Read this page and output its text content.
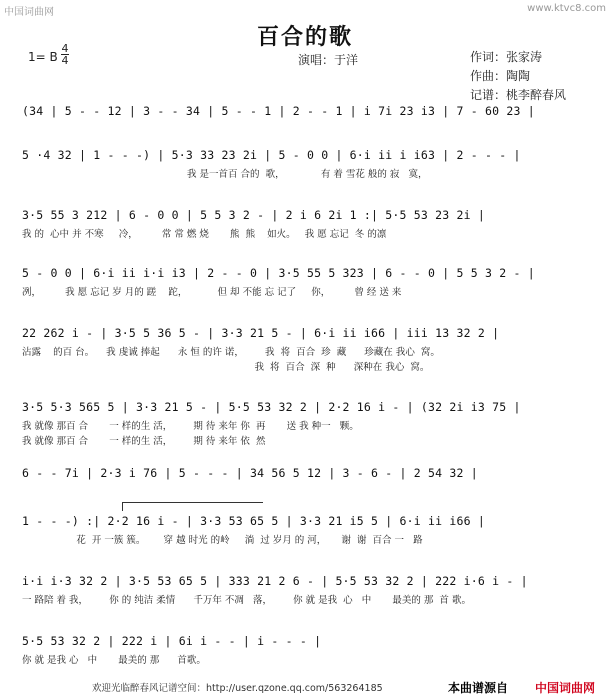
中国词曲网	www.ktvc8.com
百合的歌
1= B
4
4	演唱：于洋	作词：张家涛
作曲：陶陶
记谱：桃李醉春风
(34 | 5 - - 12 | 3 - - 34 | 5 - - 1 | 2 - - 1 | i 7i 23 i3 | 7 - 60 23 |
5 ·4 32 | 1 - - -) | 5·3 33 23 2i | 5 - 0 0 | 6·i ii i i63 | 2 - - - |
我 是一首百 合的  歌，            有 着 雪花 般的 寂   寞，
3·5 55 3 212 | 6 - 0 0 | 5 5 3 2 - | 2 i 6 2i 1 :| 5·5 53 23 2i |
我 的  心中 并 不寒     冷，        常 常 燃 烧       熊  熊    如火。   我 愿 忘记  冬 的凛
5 - 0 0 | 6·i ii i·i i3 | 2 - - 0 | 3·5 55 5 323 | 6 - - 0 | 5 5 3 2 - |
冽，        我 愿 忘记 岁 月的 蹉    跎，          但 却 不能 忘 记了     你，        曾 经 送 来
22 262 i - | 3·5 5 36 5 - | 3·3 21 5 - | 6·i ii i66 | iii 13 32 2 |
沾露    的百 台。    我 虔诚 捧起      永 恒 的许 诺，       我  将  百合  珍  藏      珍藏在 我心  窝。
我  将  百合  深  种      深种在 我心  窝。
3·5 5·3 565 5 | 3·3 21 5 - | 5·5 53 32 2 | 2·2 16 i - | (32 2i i3 75 |
我 就像 那百 合       一 样的生 活，       期 待 来年 你  再       送 我 种一   颗。
我 就像 那百 合       一 样的生 活，       期 待 来年 依  然
6 - - 7i | 2·3 i 76 | 5 - - - | 34 56 5 12 | 3 - 6 - | 2 54 32 |
1 - - -) :| 2·2 16 i - | 3·3 53 65 5 | 3·3 21 i5 5 | 6·i ii i66 |
花  开 一簇 簇。      穿 越 时光 的岭     淌  过 岁月 的 河，     谢  谢  百合 一   路
i·i i·3 32 2 | 3·5 53 65 5 | 333 21 2 6 - | 5·5 53 32 2 | 222 i·6 i - |
一 路陪 着 我，       你 的 纯洁 柔情      千万年 不凋   落，       你 就 是我  心   中       最美的 那  首 歌。
5·5 53 32 2 | 222 i | 6i i - - | i - - - |
你 就 是我 心   中       最美的 那      首歌。
欢迎光临醉春风记谱空间：http://user.qzone.qq.com/563264185	本曲谱源自 中国词曲网
